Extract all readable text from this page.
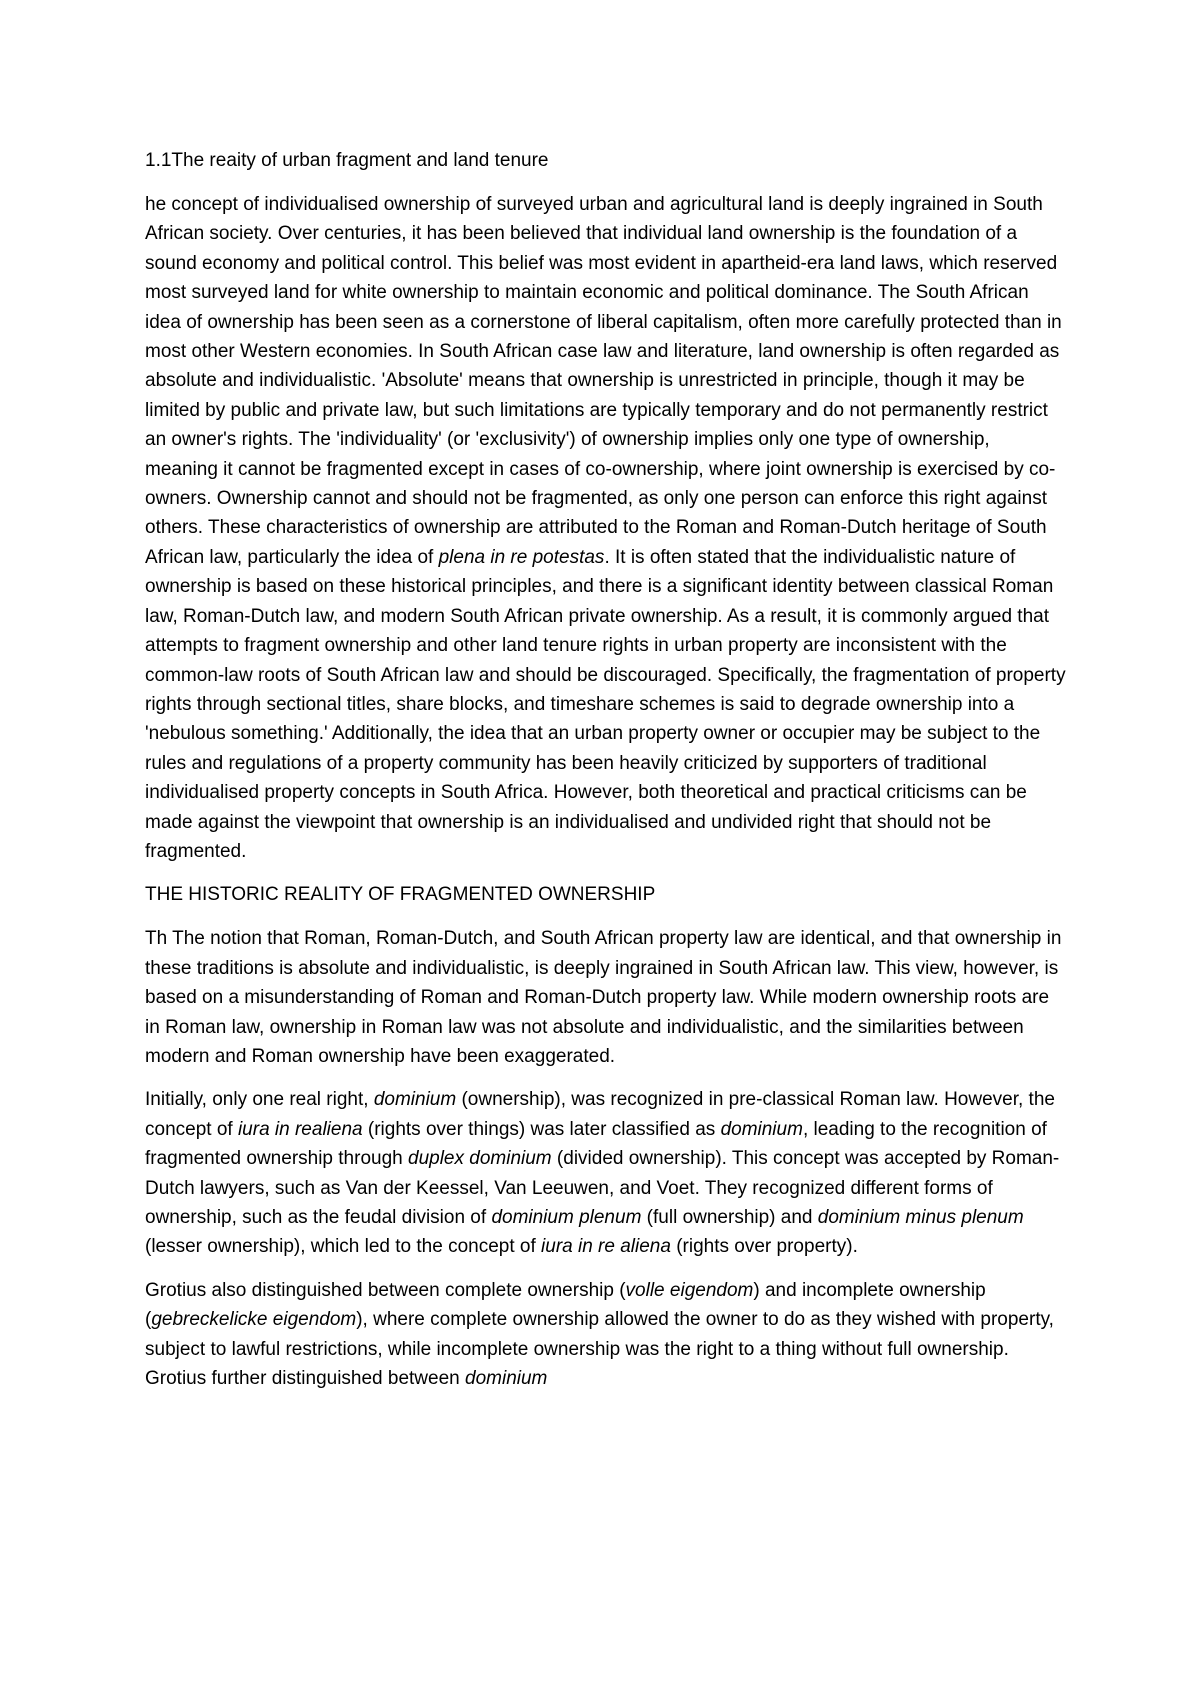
1.1The reaity of urban fragment and land tenure

he concept of individualised ownership of surveyed urban and agricultural land is deeply ingrained in South African society. Over centuries, it has been believed that individual land ownership is the foundation of a sound economy and political control. This belief was most evident in apartheid-era land laws, which reserved most surveyed land for white ownership to maintain economic and political dominance. The South African idea of ownership has been seen as a cornerstone of liberal capitalism, often more carefully protected than in most other Western economies. In South African case law and literature, land ownership is often regarded as absolute and individualistic. 'Absolute' means that ownership is unrestricted in principle, though it may be limited by public and private law, but such limitations are typically temporary and do not permanently restrict an owner's rights. The 'individuality' (or 'exclusivity') of ownership implies only one type of ownership, meaning it cannot be fragmented except in cases of co-ownership, where joint ownership is exercised by co-owners. Ownership cannot and should not be fragmented, as only one person can enforce this right against others. These characteristics of ownership are attributed to the Roman and Roman-Dutch heritage of South African law, particularly the idea of plena in re potestas. It is often stated that the individualistic nature of ownership is based on these historical principles, and there is a significant identity between classical Roman law, Roman-Dutch law, and modern South African private ownership. As a result, it is commonly argued that attempts to fragment ownership and other land tenure rights in urban property are inconsistent with the common-law roots of South African law and should be discouraged. Specifically, the fragmentation of property rights through sectional titles, share blocks, and timeshare schemes is said to degrade ownership into a 'nebulous something.' Additionally, the idea that an urban property owner or occupier may be subject to the rules and regulations of a property community has been heavily criticized by supporters of traditional individualised property concepts in South Africa. However, both theoretical and practical criticisms can be made against the viewpoint that ownership is an individualised and undivided right that should not be fragmented.

THE HISTORIC REALITY OF FRAGMENTED OWNERSHIP

Th The notion that Roman, Roman-Dutch, and South African property law are identical, and that ownership in these traditions is absolute and individualistic, is deeply ingrained in South African law. This view, however, is based on a misunderstanding of Roman and Roman-Dutch property law. While modern ownership roots are in Roman law, ownership in Roman law was not absolute and individualistic, and the similarities between modern and Roman ownership have been exaggerated.

Initially, only one real right, dominium (ownership), was recognized in pre-classical Roman law. However, the concept of iura in realiena (rights over things) was later classified as dominium, leading to the recognition of fragmented ownership through duplex dominium (divided ownership). This concept was accepted by Roman-Dutch lawyers, such as Van der Keessel, Van Leeuwen, and Voet. They recognized different forms of ownership, such as the feudal division of dominium plenum (full ownership) and dominium minus plenum (lesser ownership), which led to the concept of iura in re aliena (rights over property).

Grotius also distinguished between complete ownership (volle eigendom) and incomplete ownership (gebreckelicke eigendom), where complete ownership allowed the owner to do as they wished with property, subject to lawful restrictions, while incomplete ownership was the right to a thing without full ownership. Grotius further distinguished between dominium
